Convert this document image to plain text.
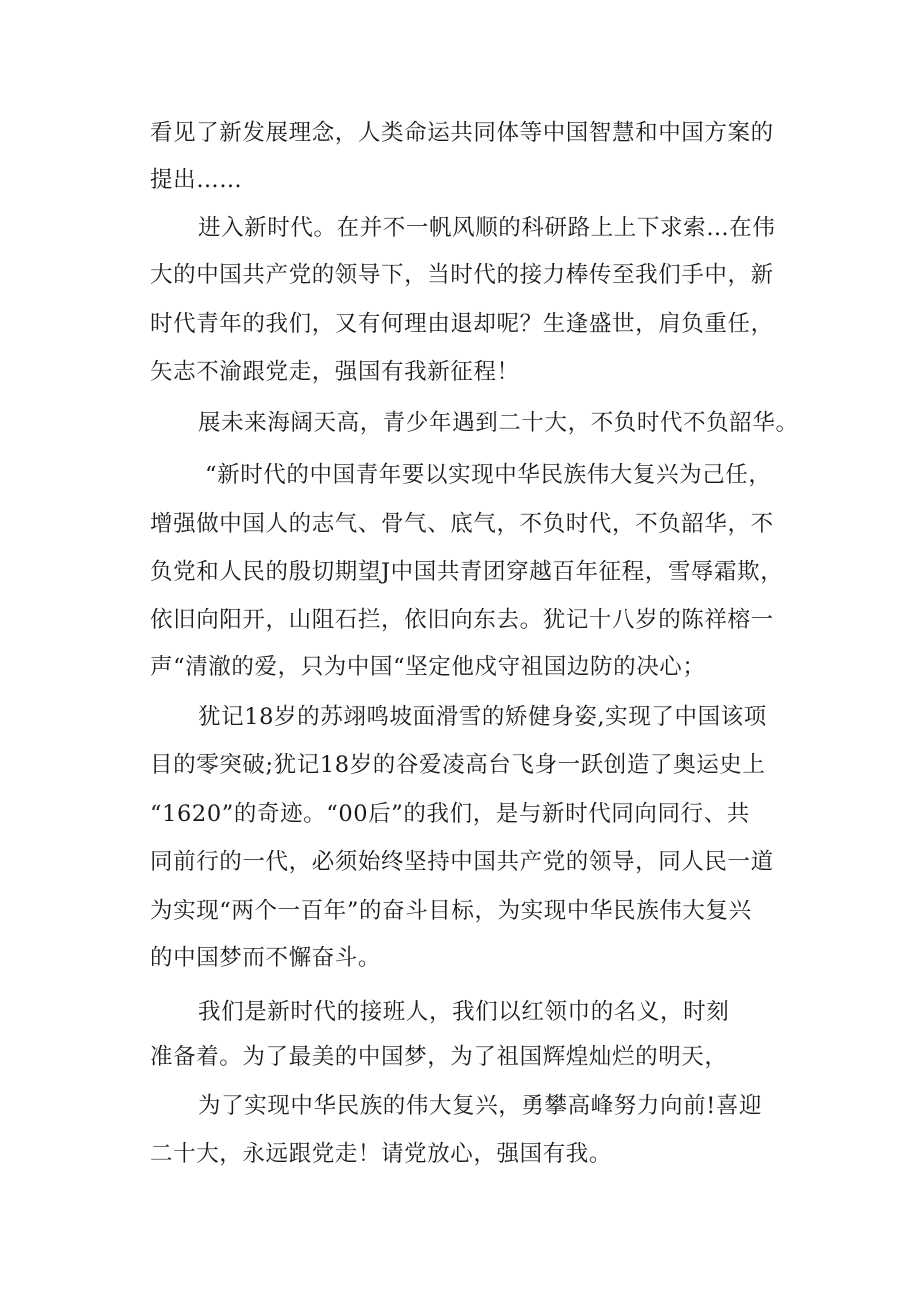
看见了新发展理念，人类命运共同体等中国智慧和中国方案的
提出……
进入新时代。在并不一帆风顺的科研路上上下求索…在伟
大的中国共产党的领导下，当时代的接力棒传至我们手中，新
时代青年的我们，又有何理由退却呢？生逢盛世，肩负重任，
矢志不渝跟党走，强国有我新征程！
展未来海阔天高，青少年遇到二十大，不负时代不负韶华。
“新时代的中国青年要以实现中华民族伟大复兴为己任，
增强做中国人的志气、骨气、底气，不负时代，不负韶华，不
负党和人民的殷切期望J中国共青团穿越百年征程，雪辱霜欺，
依旧向阳开，山阻石拦，依旧向东去。犹记十八岁的陈祥榕一
声“清澈的爱，只为中国“坚定他戍守祖国边防的决心；
犹记18岁的苏翊鸣坡面滑雪的矫健身姿,实现了中国该项
目的零突破;犹记18岁的谷爱凌高台飞身一跃创造了奥运史上
“1620”的奇迹。“00后”的我们，是与新时代同向同行、共
同前行的一代，必须始终坚持中国共产党的领导，同人民一道
为实现“两个一百年”的奋斗目标，为实现中华民族伟大复兴
的中国梦而不懈奋斗。
我们是新时代的接班人，我们以红领巾的名义，时刻
准备着。为了最美的中国梦，为了祖国辉煌灿烂的明天，
为了实现中华民族的伟大复兴，勇攀高峰努力向前!喜迎
二十大，永远跟党走！请党放心，强国有我。
